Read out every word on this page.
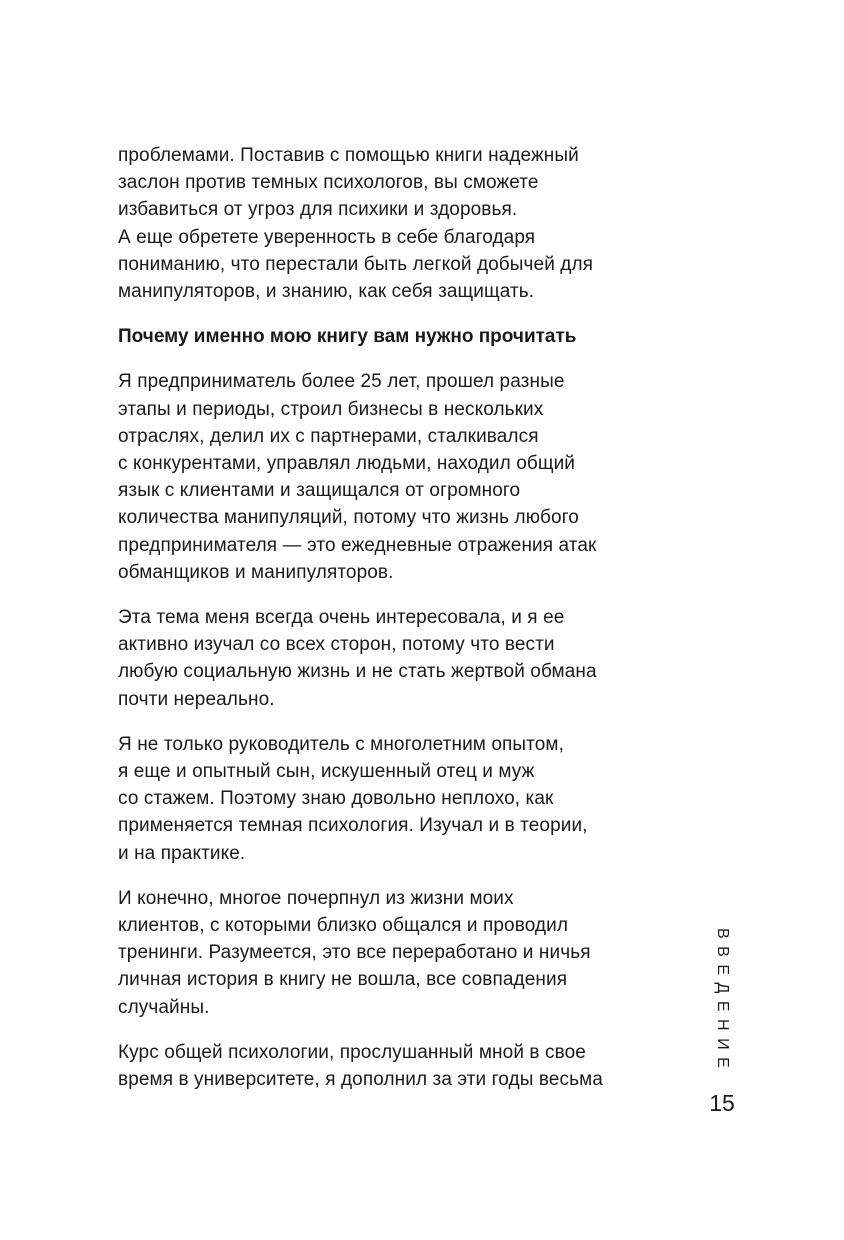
проблемами. Поставив с помощью книги надежный
заслон против темных психологов, вы сможете
избавиться от угроз для психики и здоровья.
А еще обретете уверенность в себе благодаря
пониманию, что перестали быть легкой добычей для
манипуляторов, и знанию, как себя защищать.

Почему именно мою книгу вам нужно прочитать

Я предприниматель более 25 лет, прошел разные
этапы и периоды, строил бизнесы в нескольких
отраслях, делил их с партнерами, сталкивался
с конкурентами, управлял людьми, находил общий
язык с клиентами и защищался от огромного
количества манипуляций, потому что жизнь любого
предпринимателя — это ежедневные отражения атак
обманщиков и манипуляторов.

Эта тема меня всегда очень интересовала, и я ее
активно изучал со всех сторон, потому что вести
любую социальную жизнь и не стать жертвой обмана
почти нереально.

Я не только руководитель с многолетним опытом,
я еще и опытный сын, искушенный отец и муж
со стажем. Поэтому знаю довольно неплохо, как
применяется темная психология. Изучал и в теории,
и на практике.

И конечно, многое почерпнул из жизни моих
клиентов, с которыми близко общался и проводил
тренинги. Разумеется, это все переработано и ничья
личная история в книгу не вошла, все совпадения
случайны.

Курс общей психологии, прослушанный мной в свое
время в университете, я дополнил за эти годы весьма

ВВЕДЕНИЕ
15
